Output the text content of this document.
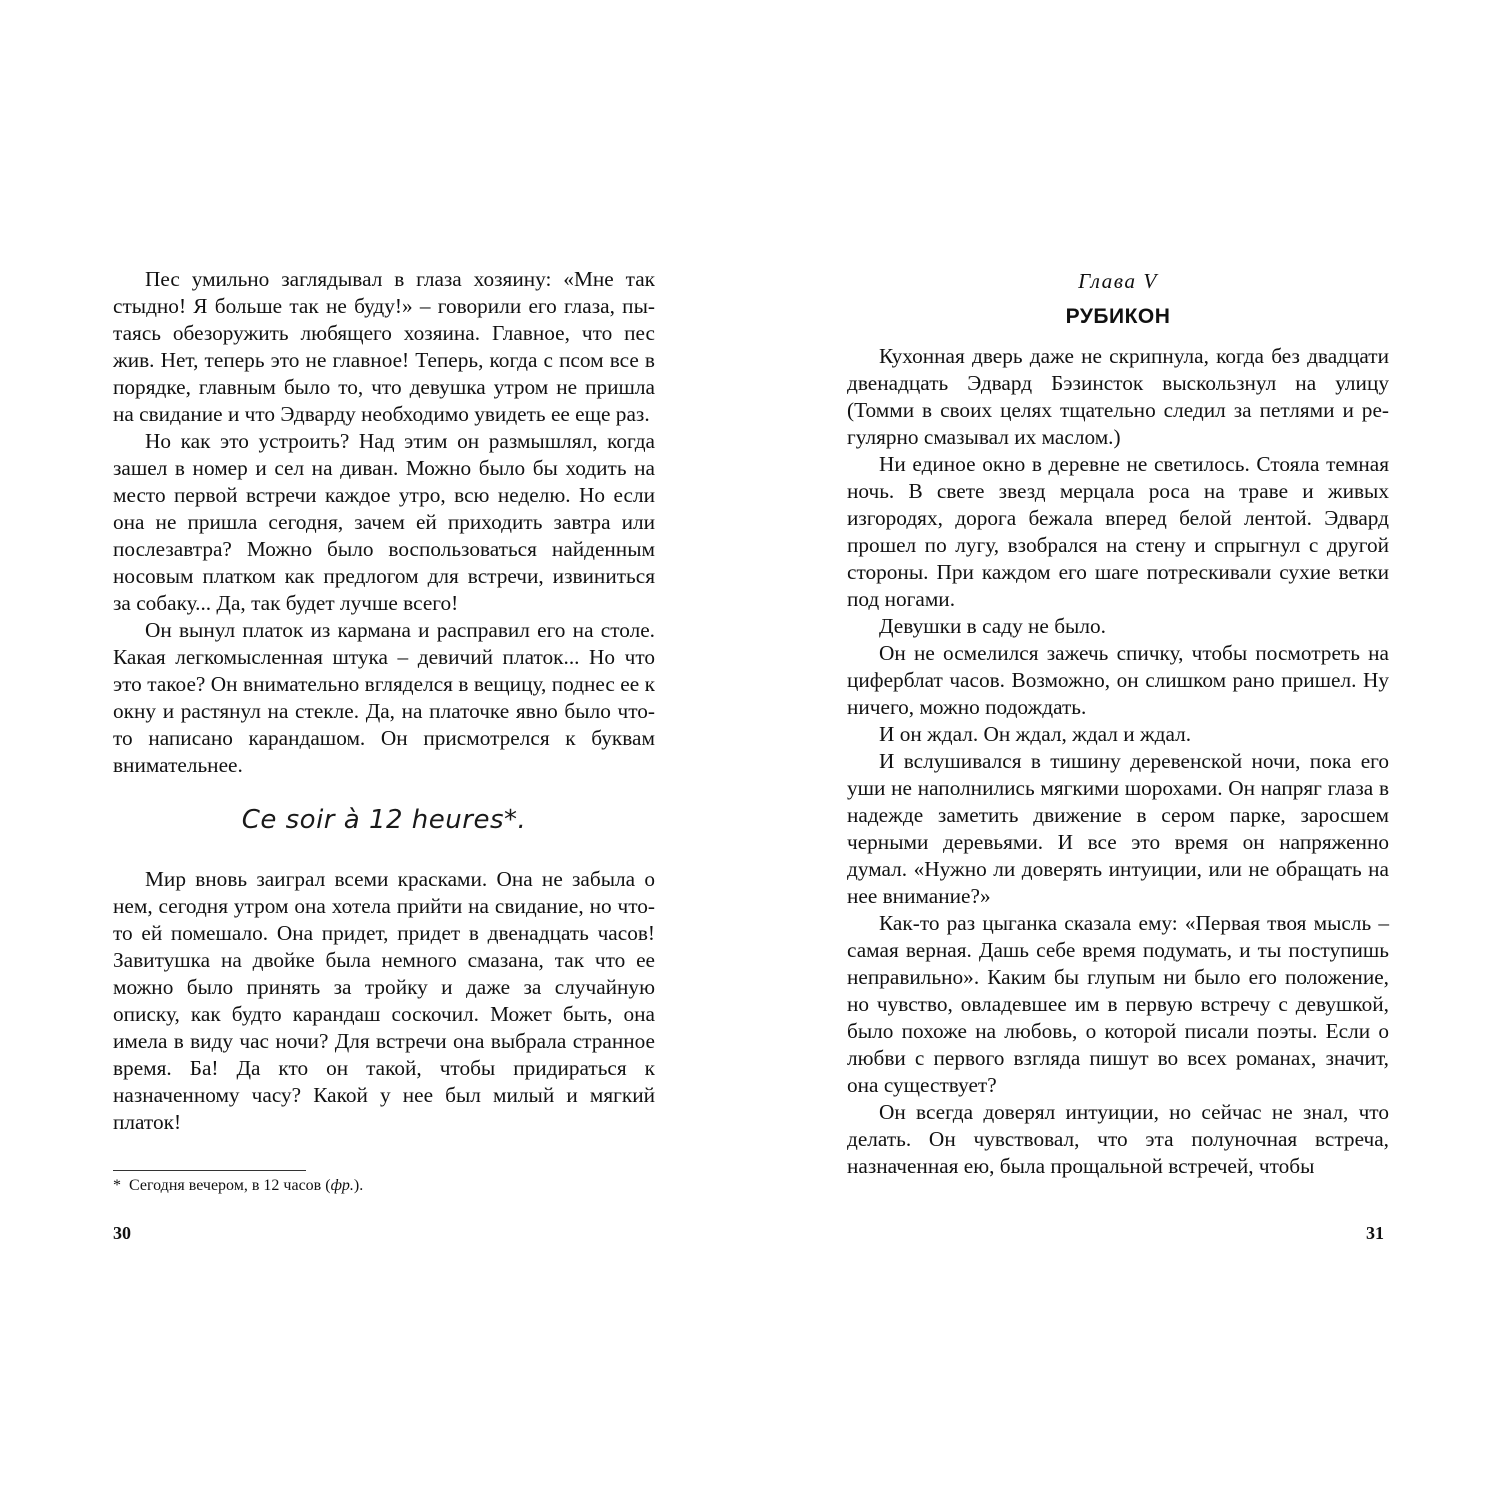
Пес умильно заглядывал в глаза хозяину: «Мне так стыдно! Я больше так не буду!» – говорили его глаза, пытаясь обезоружить любящего хозяина. Главное, что пес жив. Нет, теперь это не главное! Теперь, когда с псом все в порядке, главным было то, что девушка утром не пришла на свидание и что Эдварду необходимо увидеть ее еще раз.

Но как это устроить? Над этим он размышлял, когда зашел в номер и сел на диван. Можно было бы ходить на место первой встречи каждое утро, всю неделю. Но если она не пришла сегодня, зачем ей приходить завтра или послезавтра? Можно было воспользоваться найденным носовым платком как предлогом для встречи, извиниться за собаку... Да, так будет лучше всего!

Он вынул платок из кармана и расправил его на столе. Какая легкомысленная штука – девичий платок... Но что это такое? Он внимательно вгляделся в вещицу, поднес ее к окну и растянул на стекле. Да, на платочке явно было что-то написано карандашом. Он присмотрелся к буквам внимательнее.

Ce soir à 12 heures*.

Мир вновь заиграл всеми красками. Она не забыла о нем, сегодня утром она хотела прийти на свидание, но что-то ей помешало. Она придет, придет в двенадцать часов! Завитушка на двойке была немного смазана, так что ее можно было принять за тройку и даже за случайную описку, как будто карандаш соскочил. Может быть, она имела в виду час ночи? Для встречи она выбрала странное время. Ба! Да кто он такой, чтобы придираться к назначенному часу? Какой у нее был милый и мягкий платок!

* Сегодня вечером, в 12 часов (фр.).

30

Глава V

РУБИКОН

Кухонная дверь даже не скрипнула, когда без двадцати двенадцать Эдвард Бэзинсток выскользнул на улицу (Томми в своих целях тщательно следил за петлями и регулярно смазывал их маслом.)

Ни единое окно в деревне не светилось. Стояла темная ночь. В свете звезд мерцала роса на траве и живых изгородях, дорога бежала вперед белой лентой. Эдвард прошел по лугу, взобрался на стену и спрыгнул с другой стороны. При каждом его шаге потрескивали сухие ветки под ногами.

Девушки в саду не было.

Он не осмелился зажечь спичку, чтобы посмотреть на циферблат часов. Возможно, он слишком рано пришел. Ну ничего, можно подождать.

И он ждал. Он ждал, ждал и ждал.

И вслушивался в тишину деревенской ночи, пока его уши не наполнились мягкими шорохами. Он напряг глаза в надежде заметить движение в сером парке, заросшем черными деревьями. И все это время он напряженно думал. «Нужно ли доверять интуиции, или не обращать на нее внимание?»

Как-то раз цыганка сказала ему: «Первая твоя мысль – самая верная. Дашь себе время подумать, и ты поступишь неправильно». Каким бы глупым ни было его положение, но чувство, овладевшее им в первую встречу с девушкой, было похоже на любовь, о которой писали поэты. Если о любви с первого взгляда пишут во всех романах, значит, она существует?

Он всегда доверял интуиции, но сейчас не знал, что делать. Он чувствовал, что эта полуночная встреча, назначенная ею, была прощальной встречей, чтобы

31
